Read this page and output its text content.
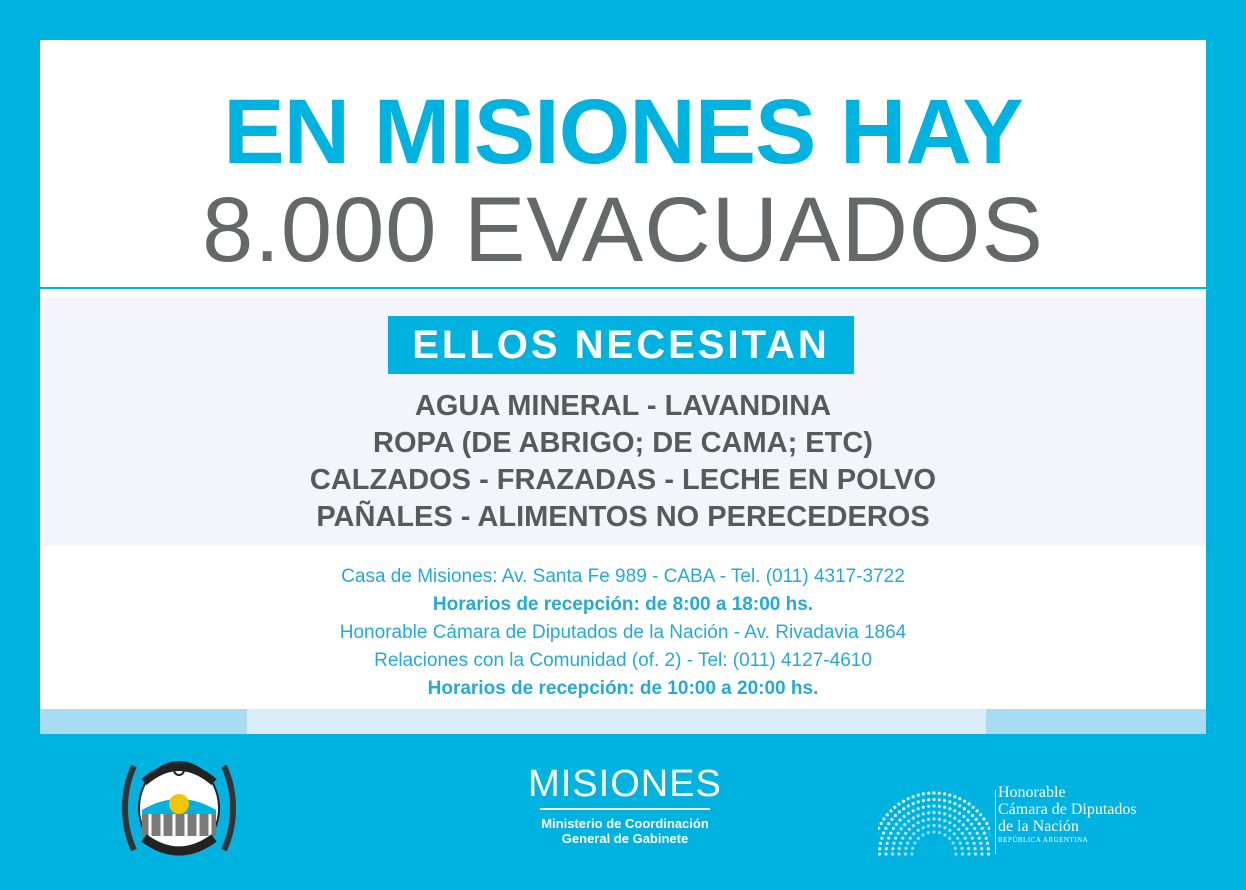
EN MISIONES HAY
8.000 EVACUADOS
ELLOS NECESITAN
AGUA MINERAL - LAVANDINA
ROPA (DE ABRIGO; DE CAMA; ETC)
CALZADOS - FRAZADAS - LECHE EN POLVO
PAÑALES - ALIMENTOS NO PERECEDEROS
Casa de Misiones: Av. Santa Fe 989 - CABA - Tel. (011) 4317-3722
Horarios de recepción: de 8:00 a 18:00 hs.
Honorable Cámara de Diputados de la Nación - Av. Rivadavia 1864
Relaciones con la Comunidad (of. 2) - Tel: (011) 4127-4610
Horarios de recepción: de 10:00 a 20:00 hs.
MISIONES
Ministerio de Coordinación
General de Gabinete
Honorable
Cámara de Diputados
de la Nación
REPÚBLICA ARGENTINA
